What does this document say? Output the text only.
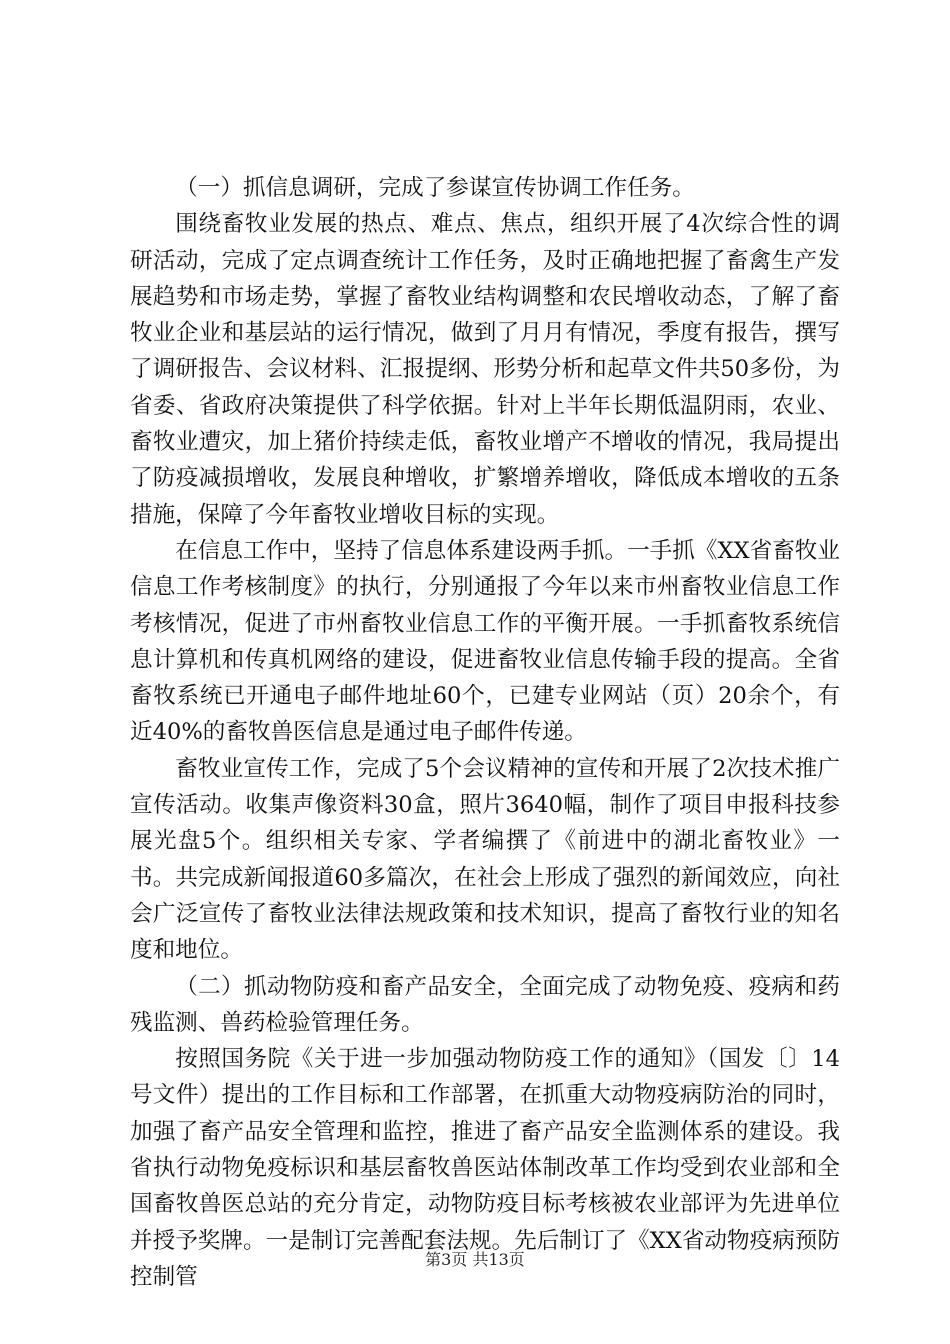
（一）抓信息调研，完成了参谋宣传协调工作任务。

围绕畜牧业发展的热点、难点、焦点，组织开展了4次综合性的调研活动，完成了定点调查统计工作任务，及时正确地把握了畜禽生产发展趋势和市场走势，掌握了畜牧业结构调整和农民增收动态，了解了畜牧业企业和基层站的运行情况，做到了月月有情况，季度有报告，撰写了调研报告、会议材料、汇报提纲、形势分析和起草文件共50多份，为省委、省政府决策提供了科学依据。针对上半年长期低温阴雨，农业、畜牧业遭灾，加上猪价持续走低，畜牧业增产不增收的情况，我局提出了防疫减损增收，发展良种增收，扩繁增养增收，降低成本增收的五条措施，保障了今年畜牧业增收目标的实现。

在信息工作中，坚持了信息体系建设两手抓。一手抓《XX省畜牧业信息工作考核制度》的执行，分别通报了今年以来市州畜牧业信息工作考核情况，促进了市州畜牧业信息工作的平衡开展。一手抓畜牧系统信息计算机和传真机网络的建设，促进畜牧业信息传输手段的提高。全省畜牧系统已开通电子邮件地址60个，已建专业网站（页）20余个，有近40%的畜牧兽医信息是通过电子邮件传递。

畜牧业宣传工作，完成了5个会议精神的宣传和开展了2次技术推广宣传活动。收集声像资料30盒，照片3640幅，制作了项目申报科技参展光盘5个。组织相关专家、学者编撰了《前进中的湖北畜牧业》一书。共完成新闻报道60多篇次，在社会上形成了强烈的新闻效应，向社会广泛宣传了畜牧业法律法规政策和技术知识，提高了畜牧行业的知名度和地位。

（二）抓动物防疫和畜产品安全，全面完成了动物免疫、疫病和药残监测、兽药检验管理任务。

按照国务院《关于进一步加强动物防疫工作的通知》（国发〔〕14号文件）提出的工作目标和工作部署，在抓重大动物疫病防治的同时，加强了畜产品安全管理和监控，推进了畜产品安全监测体系的建设。我省执行动物免疫标识和基层畜牧兽医站体制改革工作均受到农业部和全国畜牧兽医总站的充分肯定，动物防疫目标考核被农业部评为先进单位并授予奖牌。一是制订完善配套法规。先后制订了《XX省动物疫病预防控制管

第3页 共13页
